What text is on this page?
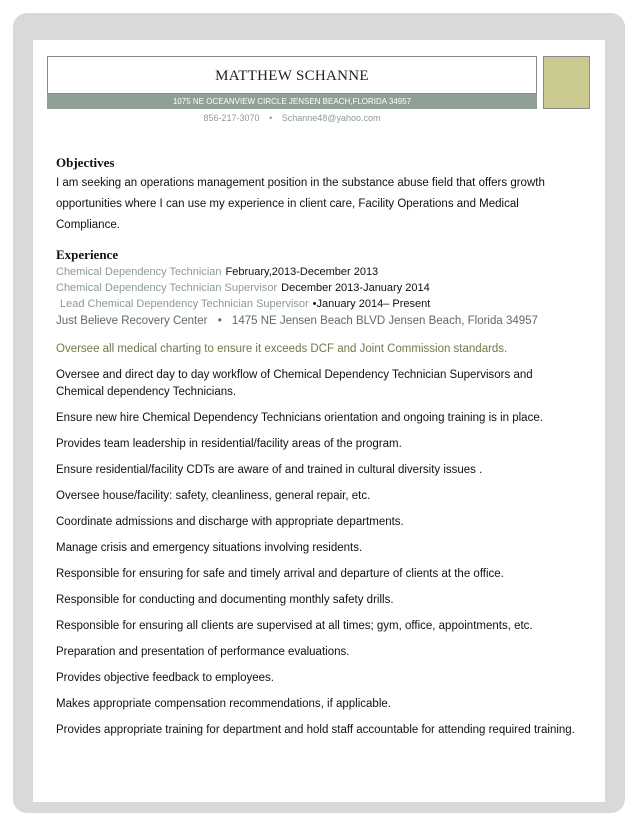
MATTHEW SCHANNE
1075 NE OCEANVIEW CIRCLE JENSEN BEACH,FLORIDA 34957
856-217-3070 • Schanne48@yahoo.com
Objectives
I am seeking an operations management position in the substance abuse field that offers growth opportunities where I can use my experience in client care, Facility Operations and Medical Compliance.
Experience
Chemical Dependency Technician February,2013-December 2013
Chemical Dependency Technician Supervisor December 2013-January 2014
Lead Chemical Dependency Technician Supervisor •January 2014– Present
Just Believe Recovery Center • 1475 NE Jensen Beach BLVD Jensen Beach, Florida 34957
Oversee all medical charting to ensure it exceeds DCF and Joint Commission standards.
Oversee and direct day to day workflow of Chemical Dependency Technician Supervisors and Chemical dependency Technicians.
Ensure new hire Chemical Dependency Technicians orientation and ongoing training is in place.
Provides team leadership in residential/facility areas of the program.
Ensure residential/facility CDTs are aware of and trained in cultural diversity issues .
Oversee house/facility: safety, cleanliness, general repair, etc.
Coordinate admissions and discharge with appropriate departments.
Manage crisis and emergency situations involving residents.
Responsible for ensuring for safe and timely arrival and departure of clients at the office.
Responsible for conducting and documenting monthly safety drills.
Responsible for ensuring all clients are supervised at all times; gym, office, appointments, etc.
Preparation and presentation of performance evaluations.
Provides objective feedback to employees.
Makes appropriate compensation recommendations, if applicable.
Provides appropriate training for department and hold staff accountable for attending required training.
